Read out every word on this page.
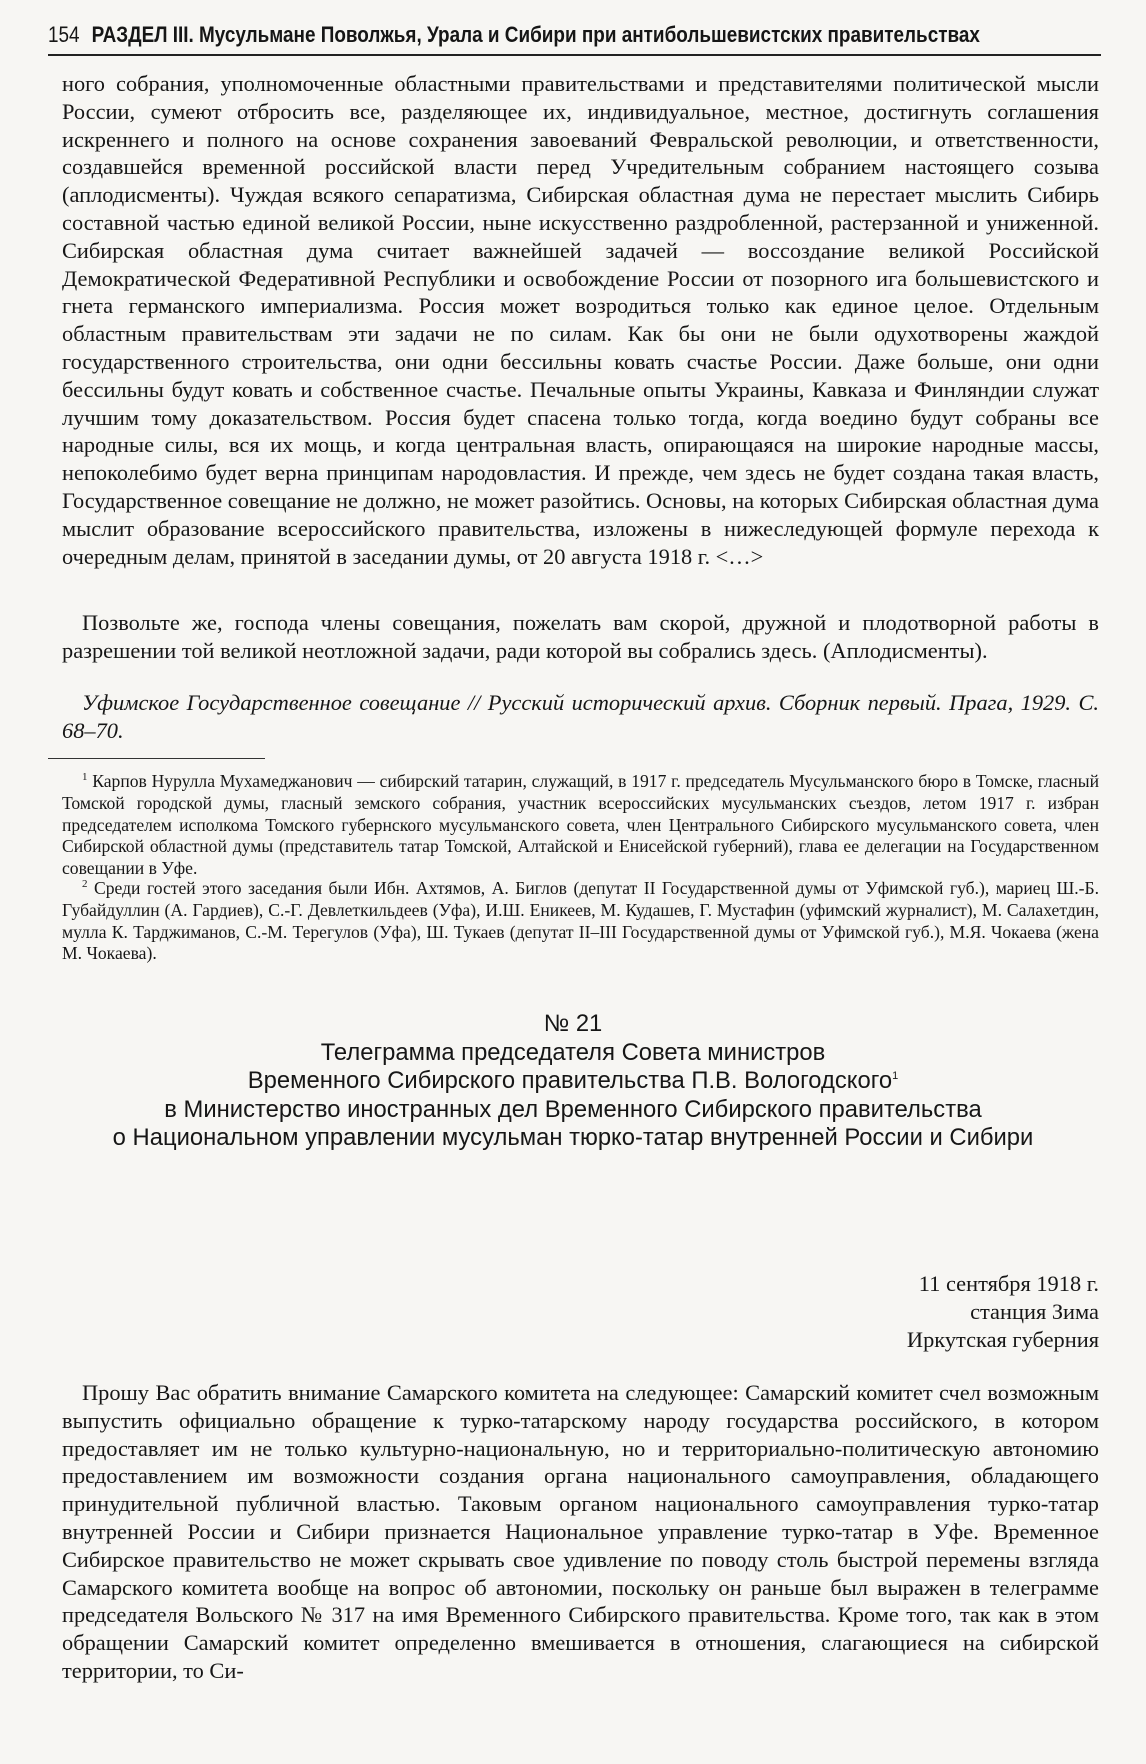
154 РАЗДЕЛ III. Мусульмане Поволжья, Урала и Сибири при антибольшевистских правительствах

ного собрания, уполномоченные областными правительствами и представителями политической мысли России, сумеют отбросить все, разделяющее их, индивидуальное, местное, достигнуть соглашения искреннего и полного на основе сохранения завоеваний Февральской революции, и ответственности, создавшейся временной российской власти перед Учредительным собранием настоящего созыва (аплодисменты). Чуждая всякого сепаратизма, Сибирская областная дума не перестает мыслить Сибирь составной частью единой великой России, ныне искусственно раздробленной, растерзанной и униженной. Сибирская областная дума считает важнейшей задачей — воссоздание великой Российской Демократической Федеративной Республики и освобождение России от позорного ига большевистского и гнета германского империализма. Россия может возродиться только как единое целое. Отдельным областным правительствам эти задачи не по силам. Как бы они не были одухотворены жаждой государственного строительства, они одни бессильны ковать счастье России. Даже больше, они одни бессильны будут ковать и собственное счастье. Печальные опыты Украины, Кавказа и Финляндии служат лучшим тому доказательством. Россия будет спасена только тогда, когда воедино будут собраны все народные силы, вся их мощь, и когда центральная власть, опирающаяся на широкие народные массы, непоколебимо будет верна принципам народовластия. И прежде, чем здесь не будет создана такая власть, Государственное совещание не должно, не может разойтись. Основы, на которых Сибирская областная дума мыслит образование всероссийского правительства, изложены в нижеследующей формуле перехода к очередным делам, принятой в заседании думы, от 20 августа 1918 г. <…>

Позвольте же, господа члены совещания, пожелать вам скорой, дружной и плодотворной работы в разрешении той великой неотложной задачи, ради которой вы собрались здесь. (Аплодисменты).

Уфимское Государственное совещание // Русский исторический архив. Сборник первый. Прага, 1929. С. 68–70.

$^1$ Карпов Нурулла Мухамеджанович — сибирский татарин, служащий, в 1917 г. председатель Мусульманского бюро в Томске, гласный Томской городской думы, гласный земского собрания, участник всероссийских мусульманских съездов, летом 1917 г. избран председателем исполкома Томского губернского мусульманского совета, член Центрального Сибирского мусульманского совета, член Сибирской областной думы (представитель татар Томской, Алтайской и Енисейской губерний), глава ее делегации на Государственном совещании в Уфе.

$^2$ Среди гостей этого заседания были Ибн. Ахтямов, А. Биглов (депутат II Государственной думы от Уфимской губ.), мариец Ш.-Б. Губайдуллин (А. Гардиев), С.-Г. Девлеткильдеев (Уфа), И.Ш. Еникеев, М. Кудашев, Г. Мустафин (уфимский журналист), М. Салахетдин, мулла К. Тарджиманов, С.-М. Терегулов (Уфа), Ш. Тукаев (депутат II–III Государственной думы от Уфимской губ.), М.Я. Чокаева (жена М. Чокаева).

№ 21
Телеграмма председателя Совета министров
Временного Сибирского правительства П.В. Вологодского$^1$
в Министерство иностранных дел Временного Сибирского правительства
о Национальном управлении мусульман тюрко-татар внутренней России и Сибири
11 сентября 1918 г.
станция Зима
Иркутская губерния

Прошу Вас обратить внимание Самарского комитета на следующее: Самарский комитет счел возможным выпустить официально обращение к турко-татарскому народу государства российского, в котором предоставляет им не только культурно-национальную, но и территориально-политическую автономию предоставлением им возможности создания органа национального самоуправления, обладающего принудительной публичной властью. Таковым органом национального самоуправления турко-татар внутренней России и Сибири признается Национальное управление турко-татар в Уфе. Временное Сибирское правительство не может скрывать свое удивление по поводу столь быстрой перемены взгляда Самарского комитета вообще на вопрос об автономии, поскольку он раньше был выражен в телеграмме председателя Вольского № 317 на имя Временного Сибирского правительства. Кроме того, так как в этом обращении Самарский комитет определенно вмешивается в отношения, слагающиеся на сибирской территории, то Си-
